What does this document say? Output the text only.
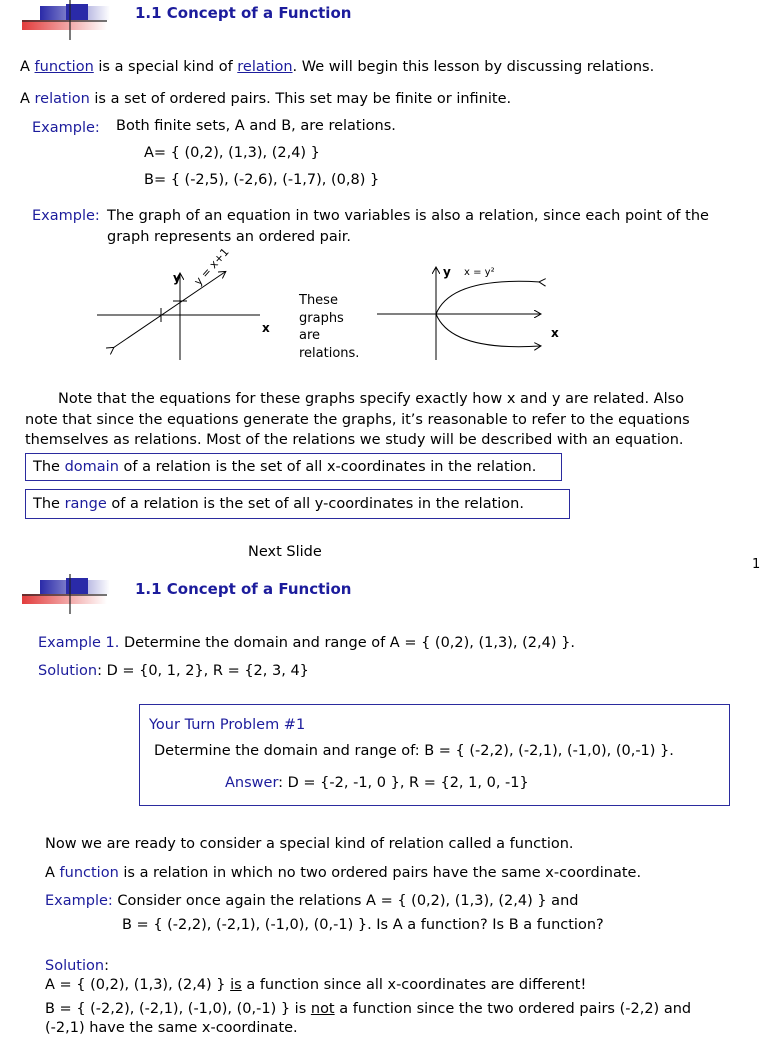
1.1 Concept of a Function
A function is a special kind of relation. We will begin this lesson by discussing relations.
A relation is a set of ordered pairs. This set may be finite or infinite.
Example: Both finite sets, A and B, are relations.
A= { (0,2), (1,3), (2,4) }
B= { (-2,5), (-2,6), (-1,7), (0,8) }
Example: The graph of an equation in two variables is also a relation, since each point of the
graph represents an ordered pair.
y
x
y = x+1
These
graphs
are
relations.
y
x
x = y²
Note that the equations for these graphs specify exactly how x and y are related. Also
note that since the equations generate the graphs, it’s reasonable to refer to the equations
themselves as relations. Most of the relations we study will be described with an equation.
The domain of a relation is the set of all x-coordinates in the relation.
The range of a relation is the set of all y-coordinates in the relation.
Next Slide
1
1.1 Concept of a Function
Example 1. Determine the domain and range of A = { (0,2), (1,3), (2,4) }.
Solution: D = {0, 1, 2}, R = {2, 3, 4}
Your Turn Problem #1
Determine the domain and range of: B = { (-2,2), (-2,1), (-1,0), (0,-1) }.
Answer: D = {-2, -1, 0 }, R = {2, 1, 0, -1}
Now we are ready to consider a special kind of relation called a function.
A function is a relation in which no two ordered pairs have the same x-coordinate.
Example: Consider once again the relations A = { (0,2), (1,3), (2,4) } and
B = { (-2,2), (-2,1), (-1,0), (0,-1) }. Is A a function? Is B a function?
Solution:
A = { (0,2), (1,3), (2,4) } is a function since all x-coordinates are different!
B = { (-2,2), (-2,1), (-1,0), (0,-1) } is not a function since the two ordered pairs (-2,2) and
(-2,1) have the same x-coordinate.
